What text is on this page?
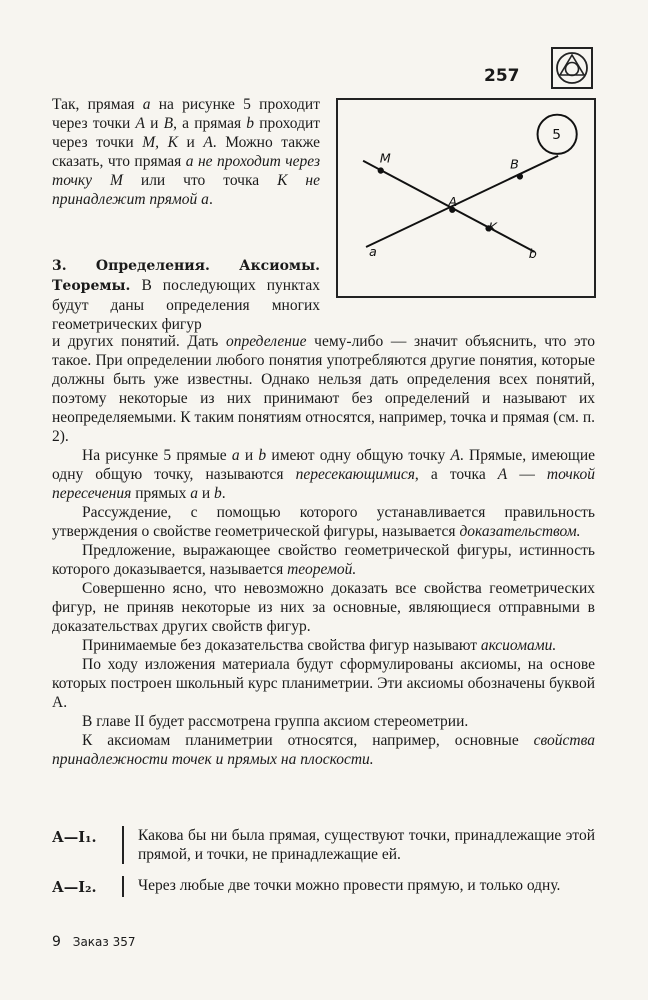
257
5
M	B
A
K
a	b

Так, прямая a на рисунке 5 проходит через точки A и B, а прямая b проходит через точки M, K и A. Можно также сказать, что прямая a не проходит через точку M или что точка K не принадлежит прямой a.

3. Определения. Аксиомы. Теоремы. В последующих пунктах будут даны определения многих геометрических фигур

и других понятий. Дать определение чему-либо — значит объяснить, что это такое. При определении любого понятия употребляются другие понятия, которые должны быть уже известны. Однако нельзя дать определения всех понятий, поэтому некоторые из них принимают без определений и называют их неопределяемыми. К таким понятиям относятся, например, точка и прямая (см. п. 2).

На рисунке 5 прямые a и b имеют одну общую точку A. Прямые, имеющие одну общую точку, называются пересекающимися, а точка A — точкой пересечения прямых a и b.

Рассуждение, с помощью которого устанавливается правильность утверждения о свойстве геометрической фигуры, называется доказательством.

Предложение, выражающее свойство геометрической фигуры, истинность которого доказывается, называется теоремой.

Совершенно ясно, что невозможно доказать все свойства геометрических фигур, не приняв некоторые из них за основные, являющиеся отправными в доказательствах других свойств фигур.

Принимаемые без доказательства свойства фигур называют аксиомами.

По ходу изложения материала будут сформулированы аксиомы, на основе которых построен школьный курс планиметрии. Эти аксиомы обозначены буквой А.

В главе II будет рассмотрена группа аксиом стереометрии.

К аксиомам планиметрии относятся, например, основные свойства принадлежности точек и прямых на плоскости.

А—I₁.	Какова бы ни была прямая, существуют точки, принадлежащие этой прямой, и точки, не принадлежащие ей.
А—I₂.	Через любые две точки можно провести прямую, и только одну.
9 Заказ 357
